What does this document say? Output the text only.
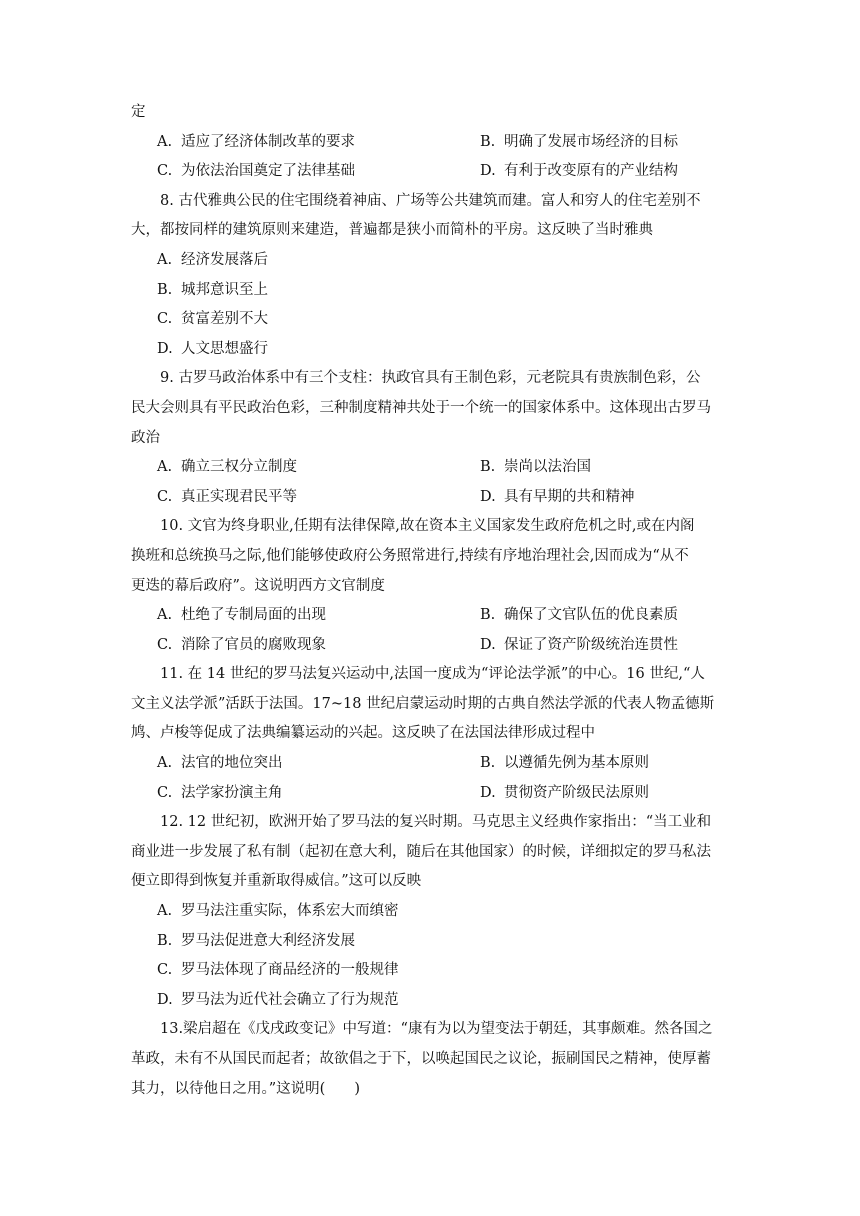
定
A. 适应了经济体制改革的要求	B. 明确了发展市场经济的目标
C. 为依法治国奠定了法律基础	D. 有利于改变原有的产业结构
8. 古代雅典公民的住宅围绕着神庙、广场等公共建筑而建。富人和穷人的住宅差别不
大，都按同样的建筑原则来建造，普遍都是狭小而简朴的平房。这反映了当时雅典
A. 经济发展落后
B. 城邦意识至上
C. 贫富差别不大
D. 人文思想盛行
9. 古罗马政治体系中有三个支柱：执政官具有王制色彩，元老院具有贵族制色彩，公
民大会则具有平民政治色彩，三种制度精神共处于一个统一的国家体系中。这体现出古罗马
政治
A. 确立三权分立制度	B. 崇尚以法治国
C. 真正实现君民平等	D. 具有早期的共和精神
10. 文官为终身职业,任期有法律保障,故在资本主义国家发生政府危机之时,或在内阁
换班和总统换马之际,他们能够使政府公务照常进行,持续有序地治理社会,因而成为“从不
更迭的幕后政府”。这说明西方文官制度
A. 杜绝了专制局面的出现	B. 确保了文官队伍的优良素质
C. 消除了官员的腐败现象	D. 保证了资产阶级统治连贯性
11. 在 14 世纪的罗马法复兴运动中,法国一度成为“评论法学派”的中心。16 世纪,“人
文主义法学派”活跃于法国。17~18 世纪启蒙运动时期的古典自然法学派的代表人物孟德斯
鸠、卢梭等促成了法典编纂运动的兴起。这反映了在法国法律形成过程中
A. 法官的地位突出	B. 以遵循先例为基本原则
C. 法学家扮演主角	D. 贯彻资产阶级民法原则
12. 12 世纪初，欧洲开始了罗马法的复兴时期。马克思主义经典作家指出：“当工业和
商业进一步发展了私有制（起初在意大利，随后在其他国家）的时候，详细拟定的罗马私法
便立即得到恢复并重新取得威信。”这可以反映
A. 罗马法注重实际，体系宏大而缜密
B. 罗马法促进意大利经济发展
C. 罗马法体现了商品经济的一般规律
D. 罗马法为近代社会确立了行为规范
13.梁启超在《戊戌政变记》中写道：“康有为以为望变法于朝廷，其事颇难。然各国之
革政，未有不从国民而起者；故欲倡之于下，以唤起国民之议论，振刷国民之精神，使厚蓄
其力，以待他日之用。”这说明(　　)
